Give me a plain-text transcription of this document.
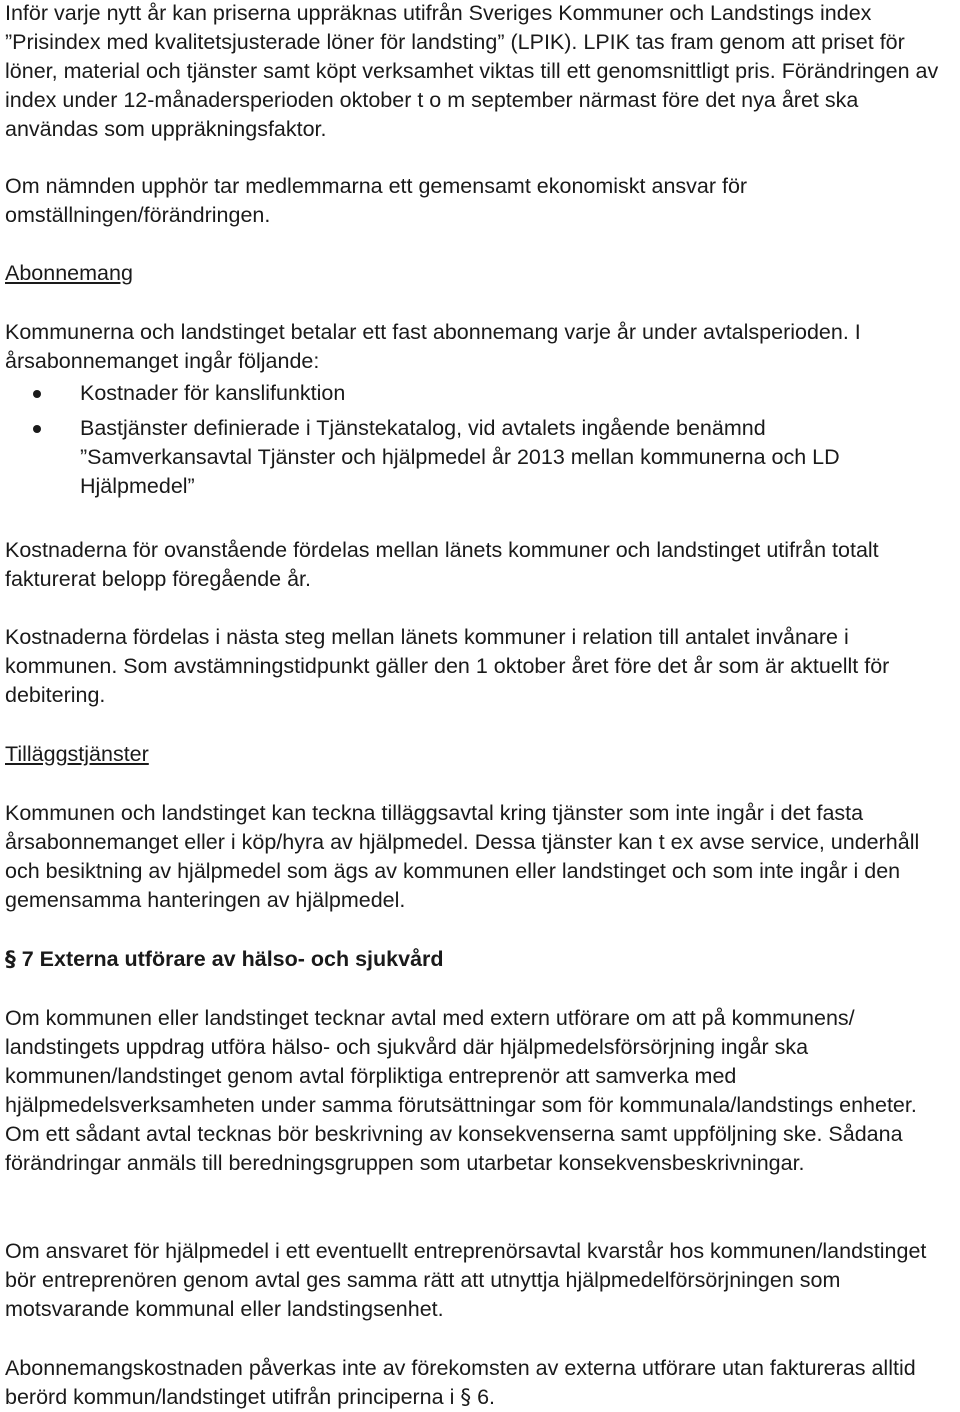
Inför varje nytt år kan priserna uppräknas utifrån Sveriges Kommuner och Landstings index ”Prisindex med kvalitetsjusterade löner för landsting” (LPIK). LPIK tas fram genom att priset för löner, material och tjänster samt köpt verksamhet viktas till ett genomsnittligt pris. Förändringen av index under 12-månadersperioden oktober t o m september närmast före det nya året ska användas som uppräkningsfaktor.

Om nämnden upphör tar medlemmarna ett gemensamt ekonomiskt ansvar för omställningen/förändringen.

Abonnemang

Kommunerna och landstinget betalar ett fast abonnemang varje år under avtalsperioden. I årsabonnemanget ingår följande:

Kostnader för kanslifunktion
Bastjänster definierade i Tjänstekatalog, vid avtalets ingående benämnd ”Samverkansavtal Tjänster och hjälpmedel år 2013 mellan kommunerna och LD Hjälpmedel”

Kostnaderna för ovanstående fördelas mellan länets kommuner och landstinget utifrån totalt fakturerat belopp föregående år.

Kostnaderna fördelas i nästa steg mellan länets kommuner i relation till antalet invånare i kommunen. Som avstämningstidpunkt gäller den 1 oktober året före det år som är aktuellt för debitering.

Tilläggstjänster

Kommunen och landstinget kan teckna tilläggsavtal kring tjänster som inte ingår i det fasta årsabonnemanget eller i köp/hyra av hjälpmedel. Dessa tjänster kan t ex avse service, underhåll och besiktning av hjälpmedel som ägs av kommunen eller landstinget och som inte ingår i den gemensamma hanteringen av hjälpmedel.

§ 7 Externa utförare av hälso- och sjukvård

Om kommunen eller landstinget tecknar avtal med extern utförare om att på kommunens/ landstingets uppdrag utföra hälso- och sjukvård där hjälpmedelsförsörjning ingår ska kommunen/landstinget genom avtal förpliktiga entreprenör att samverka med hjälpmedelsverksamheten under samma förutsättningar som för kommunala/landstings enheter. Om ett sådant avtal tecknas bör beskrivning av konsekvenserna samt uppföljning ske. Sådana förändringar anmäls till beredningsgruppen som utarbetar konsekvensbeskrivningar.

Om ansvaret för hjälpmedel i ett eventuellt entreprenörsavtal kvarstår hos kommunen/landstinget bör entreprenören genom avtal ges samma rätt att utnyttja hjälpmedelförsörjningen som motsvarande kommunal eller landstingsenhet.

Abonnemangskostnaden påverkas inte av förekomsten av externa utförare utan faktureras alltid berörd kommun/landstinget utifrån principerna i § 6.
